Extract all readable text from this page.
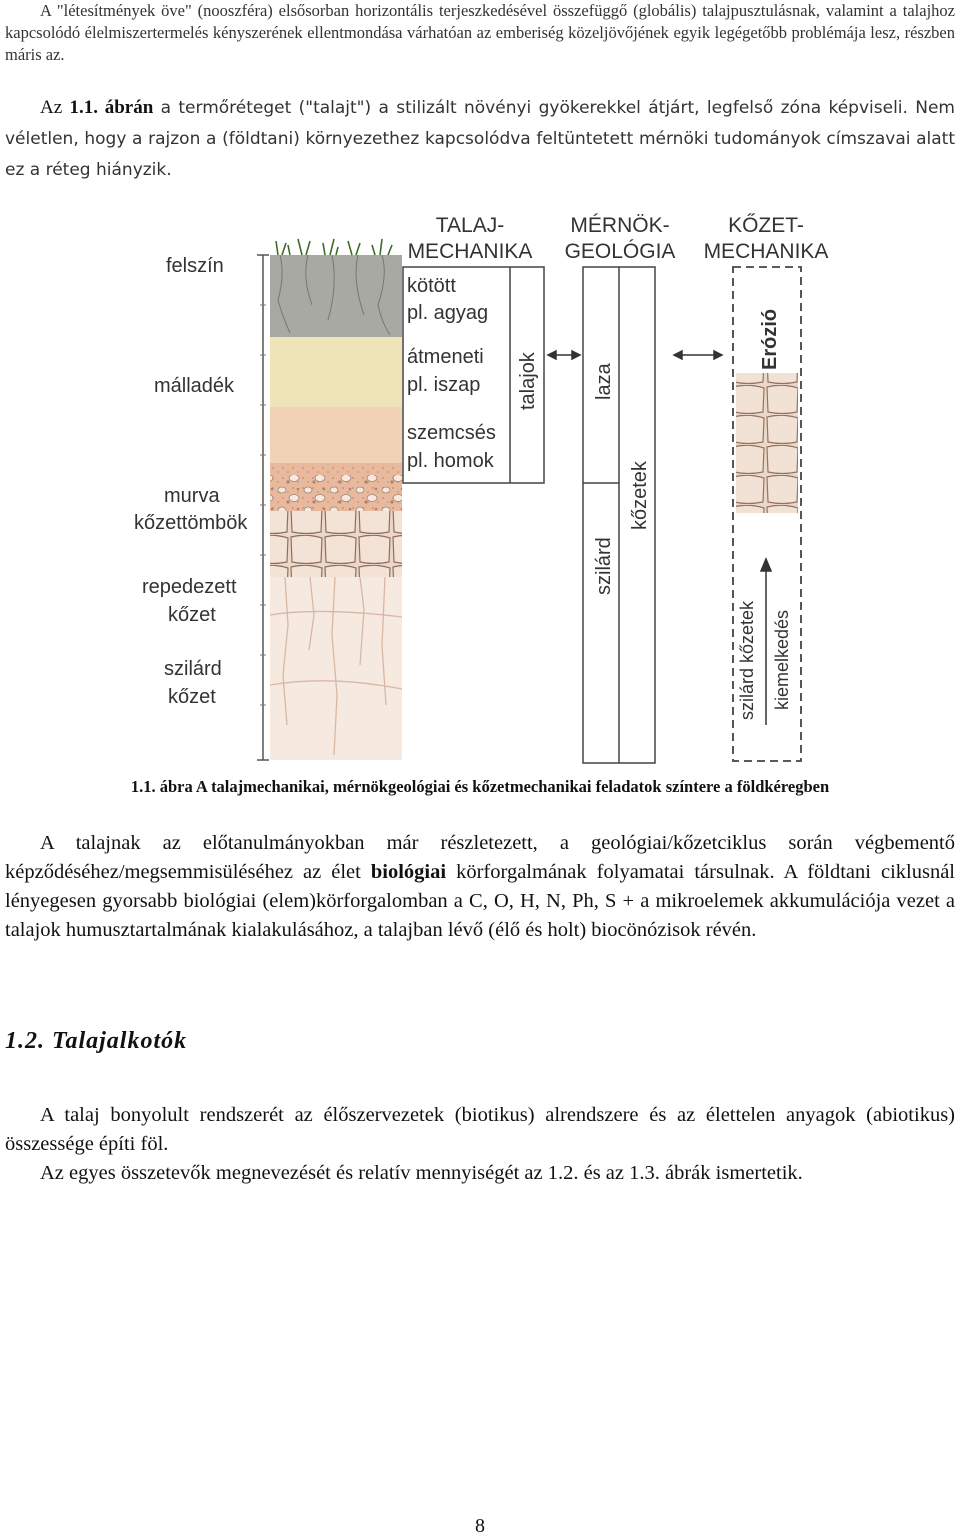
A "létesítmények öve" (nooszféra) elsősorban horizontális terjeszkedésével összefüggő (globális) talajpusztulásnak, valamint a talajhoz kapcsolódó élelmiszertermelés kényszerének ellentmondása várhatóan az emberiség közeljövőjének egyik legégetőbb problémája lesz, részben máris az.

Az 1.1. ábrán a termőréteget ("talajt") a stilizált növényi gyökerekkel átjárt, legfelső zóna képviseli. Nem véletlen, hogy a rajzon a (földtani) környezethez kapcsolódva feltüntetett mérnöki tudományok címszavai alatt ez a réteg hiányzik.

felszín
málladék
murva
kőzettömbök
repedezett
kőzet
szilárd
kőzet
TALAJ-
MECHANIKA
MÉRNÖK-
GEOLÓGIA
KŐZET-
MECHANIKA
kötött
pl. agyag
átmeneti
pl. iszap
szemcsés
pl. homok
talajok	laza
kőzetek
szilárd
Erózió
szilárd kőzetek kiemelkedés
1.1. ábra A talajmechanikai, mérnökgeológiai és kőzetmechanikai feladatok színtere a földkéregben

A talajnak az előtanulmányokban már részletezett, a geológiai/kőzetciklus során végbementő képződéséhez/megsemmisüléséhez az élet biológiai körforgalmának folyamatai társulnak. A földtani ciklusnál lényegesen gyorsabb biológiai (elem)körforgalomban a C, O, H, N, Ph, S + a mikroelemek akkumulációja vezet a talajok humusztartalmának kialakulásához, a talajban lévő (élő és holt) biocönózisok révén.

1.2. Talajalkotók

A talaj bonyolult rendszerét az élőszervezetek (biotikus) alrendszere és az élettelen anyagok (abiotikus) összessége építi föl.
Az egyes összetevők megnevezését és relatív mennyiségét az 1.2. és az 1.3. ábrák ismertetik.

8
